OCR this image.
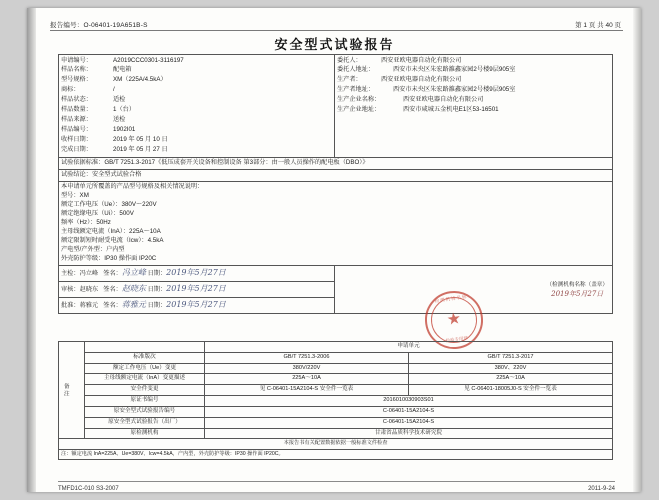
报告编号：O-06401-19A651B-S	第 1 页 共 40 页
安全型式试验报告
申请编号：	A2019CCC0301-3116197
样品名称：	配电箱
型号规格：	XM（225A/4.5kA）
商标：	/
样品状态：	适检
样品数量：	1（台）
样品来源：	送检
样品编号：	1902I01
收样日期：	2019 年 05 月 10 日
完成日期：	2019 年 05 月 27 日

委托人：	西安亚欧电器自动化有限公司
委托人地址：	西安市未央区朱宏路雒鑫家园2号楼9层905室
生产者：	西安亚欧电器自动化有限公司
生产者地址：	西安市未央区朱宏路雒鑫家园2号楼9层905室
生产企业名称：	西安亚欧电器自动化有限公司
生产企业地址：	西安市咸城五金机电E1区53-16501

试验依据标准：GB/T 7251.3-2017《低压成套开关设备和控制设备 第3部分：由一般人员操作的配电板（DBO）》	
试验结论：安全型式试验合格	

本申请单元所覆盖的产品型号规格及相关情况说明：
型号：XM
额定工作电压（Ue）：380V～220V
额定绝缘电压（Ui）：500V
频率（Hz）：50Hz
主母线额定电流（InA）：225A～10A
额定限制短时耐受电流（Icw）：4.5kA
产电型/产外型：户内型
外壳防护等级：IP30 操作面 IP20C

主检：冯立峰 签名：冯立峰 日期：2019年5月27日	（检测机构名称（盖章）
2019年5月27日

审核：赵晓东 签名：赵晓东 日期：2019年5月27日	
批准：蒋雅元 签名：蒋雅元 日期：2019年5月27日	
检测机构名称
★
检验专用章
备注		申请单元	
	标准版次	GB/T 7251.3-2006	GB/T 7251.3-2017
	额定工作电压（Ue）变更	380V/220V	380V、220V
	主母线额定电流（InA）变更描述	225A～10A	225A～10A
	安全件变更	见 C-06401-15A2104-S 安全件一览表	见 C-06401-18005J0-S 安全件一览表
	原证书编号	2016010030903S01	
	原安全型式试验报告编号	C-06401-15A2104-S	
	原安全型式试验报告（出厂）	C-06401-15A2104-S	
	原检测机构	甘肃省品质科学技术研究院	
本报告书有关配置数据依据一般标准文件检查			
注：额定电流 InA=225A、Ue=380V、Icw=4.5kA，产内型，外壳防护等级：IP30 操作面 IP20C。			
TMFD1C-010 S3-2007	2011-9-24
